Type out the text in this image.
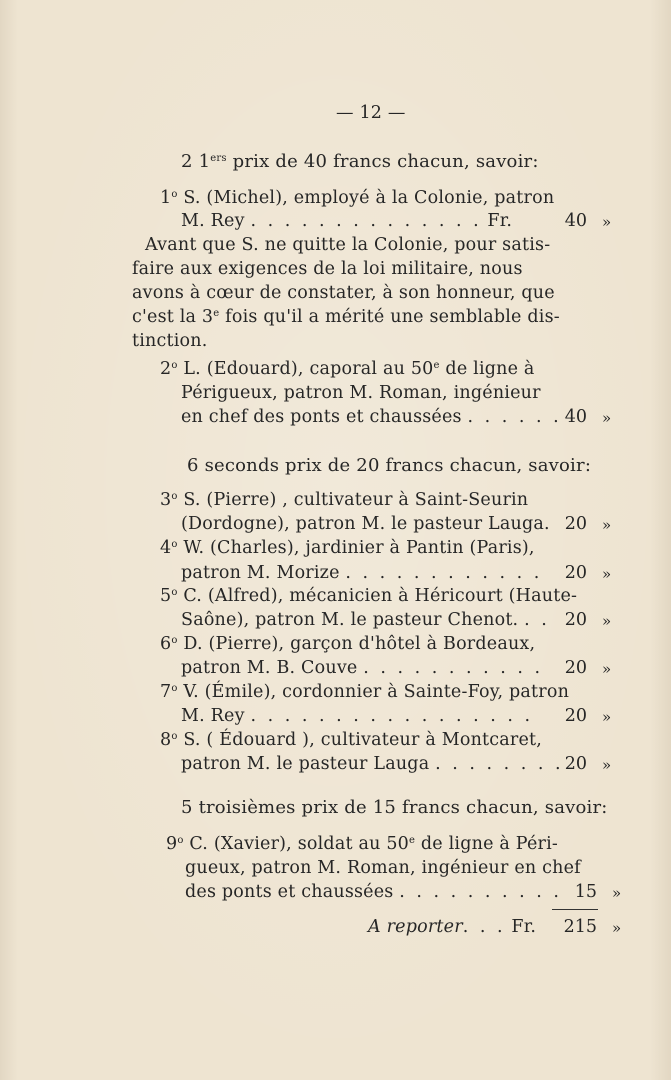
— 12 —
2 1ers prix de 40 francs chacun, savoir:
1$^o$ S. (Michel), employé à la Colonie, patron
M. Rey . . . . . . . . . . . . . . Fr.	40 »
Avant que S. ne quitte la Colonie, pour satis-
faire aux exigences de la loi militaire, nous
avons à cœur de constater, à son honneur, que
c'est la 3e fois qu'il a mérité une semblable dis-
tinction.
2$^o$ L. (Edouard), caporal au 50e de ligne à
Périgueux, patron M. Roman, ingénieur
en chef des ponts et chaussées . . . . . . 40 »
6 seconds prix de 20 francs chacun, savoir:
3$^o$ S. (Pierre) , cultivateur à Saint-Seurin
(Dordogne), patron M. le pasteur Lauga. 20 »
4$^o$ W. (Charles), jardinier à Pantin (Paris),
patron M. Morize . . . . . . . . . . . .	20 »
5$^o$ C. (Alfred), mécanicien à Héricourt (Haute-
Saône), patron M. le pasteur Chenot. . . 20 »
6$^o$ D. (Pierre), garçon d'hôtel à Bordeaux,
patron M. B. Couve . . . . . . . . . . .	20 »
7$^o$ V. (Émile), cordonnier à Sainte-Foy, patron
M. Rey . . . . . . . . . . . . . . . . .	20 »
8$^o$ S. ( Édouard ), cultivateur à Montcaret,
patron M. le pasteur Lauga . . . . . . . . 20 »
5 troisièmes prix de 15 francs chacun, savoir:
9$^o$ C. (Xavier), soldat au 50e de ligne à Péri-
gueux, patron M. Roman, ingénieur en chef
des ponts et chaussées . . . . . . . . . . 15 »
A reporter. . . Fr.	215 »
